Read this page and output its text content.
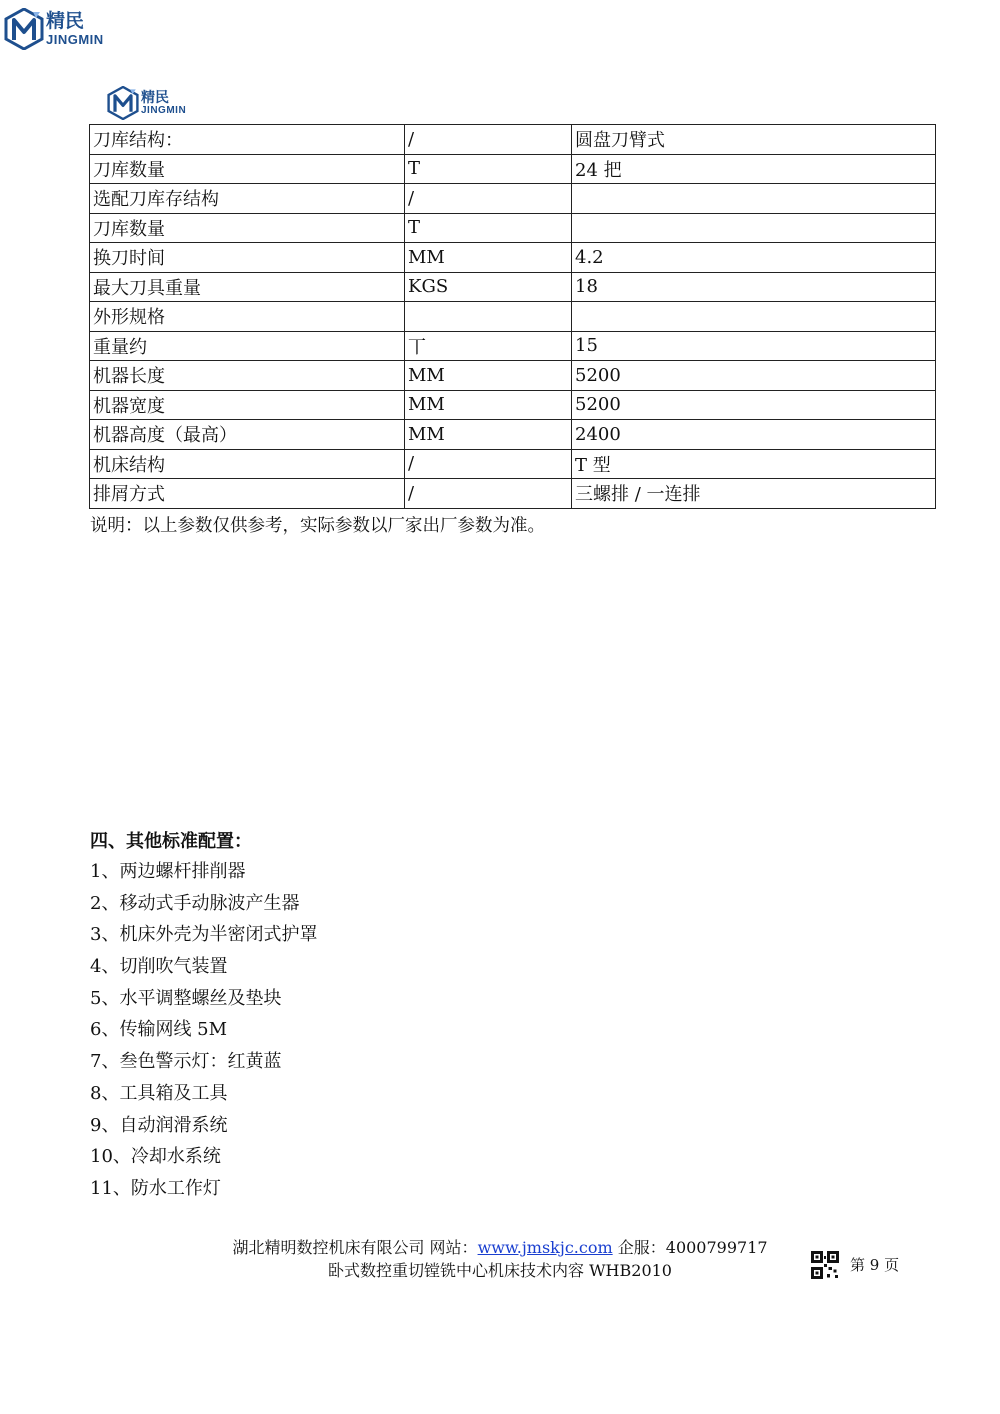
精民
JINGMIN
精民
JINGMIN
刀库结构：	/	圆盘刀臂式
刀库数量	T	24 把
选配刀库存结构	/	
刀库数量	T	
换刀时间	MM	4.2
最大刀具重量	KGS	18
外形规格		
重量约	丅	15
机器长度	MM	5200
机器宽度	MM	5200
机器高度（最高）	MM	2400
机床结构	/	T 型
排屑方式	/	三螺排 / 一连排
说明：以上参数仅供参考，实际参数以厂家出厂参数为准。
四、其他标准配置：
1、两边螺杆排削器
2、移动式手动脉波产生器
3、机床外壳为半密闭式护罩
4、切削吹气装置
5、水平调整螺丝及垫块
6、传输网线 5M
7、叁色警示灯：红黄蓝
8、工具箱及工具
9、自动润滑系统
10、冷却水系统
11、防水工作灯
湖北精明数控机床有限公司 网站：www.jmskjc.com 企服：4000799717
卧式数控重切镗铣中心机床技术内容 WHB2010	第 9 页
